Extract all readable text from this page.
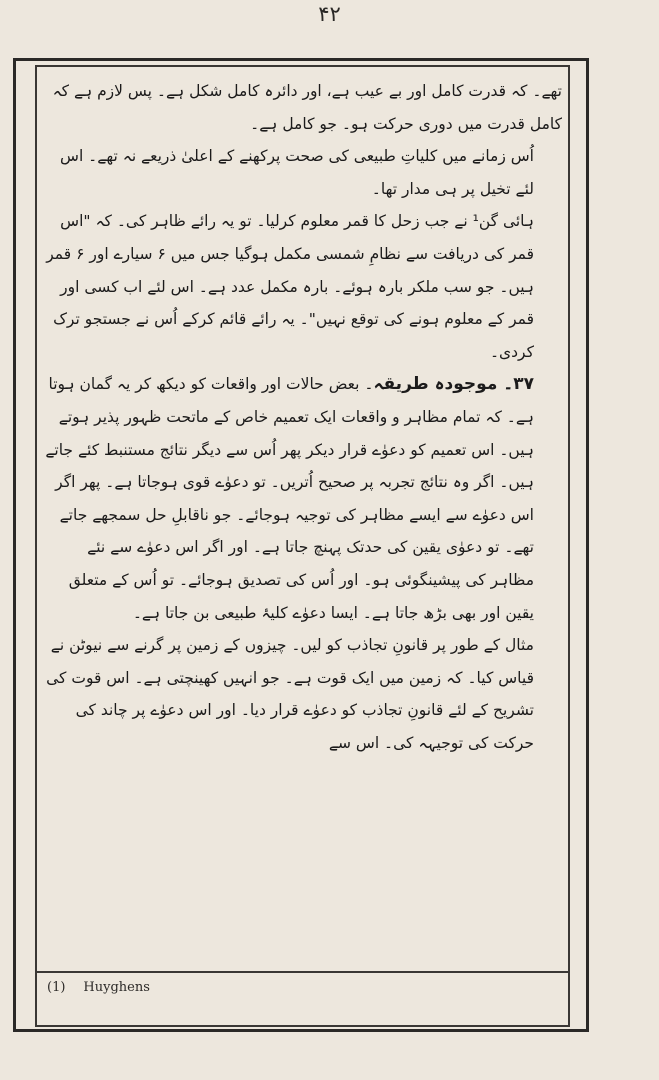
۴۲

تھے۔ کہ قدرت کامل اور بے عیب ہے، اور دائرہ کامل شکل ہے۔ پس لازم ہے کہ کامل قدرت میں دوری حرکت ہو۔ جو کامل ہے۔

اُس زمانے میں کلیاتِ طبیعی کی صحت پرکھنے کے اعلیٰ ذریعے نہ تھے۔ اس لئے تخیل پر ہی مدار تھا۔

ہائی گن¹ نے جب زحل کا قمر معلوم کرلیا۔ تو یہ رائے ظاہر کی۔ کہ "اس قمر کی دریافت سے نظامِ شمسی مکمل ہوگیا جس میں ۶ سیارے اور ۶ قمر ہیں۔ جو سب ملکر بارہ ہوئے۔ بارہ مکمل عدد ہے۔ اس لئے اب کسی اور قمر کے معلوم ہونے کی توقع نہیں"۔ یہ رائے قائم کرکے اُس نے جستجو ترک کردی۔

۳۷۔ موجودہ طریقہ۔ بعض حالات اور واقعات کو دیکھ کر یہ گمان ہوتا ہے۔ کہ تمام مظاہر و واقعات ایک تعمیم خاص کے ماتحت ظہور پذیر ہوتے ہیں۔ اس تعمیم کو دعوٰے قرار دیکر پھر اُس سے دیگر نتائج مستنبط کئے جاتے ہیں۔ اگر وہ نتائج تجربہ پر صحیح اُتریں۔ تو دعوٰے قوی ہوجاتا ہے۔ پھر اگر اس دعوٰے سے ایسے مظاہر کی توجیہ ہوجائے۔ جو ناقابلِ حل سمجھے جاتے تھے۔ تو دعوٰی یقین کی حدتک پہنچ جاتا ہے۔ اور اگر اس دعوٰے سے نئے مظاہر کی پیشینگوئی ہو۔ اور اُس کی تصدیق ہوجائے۔ تو اُس کے متعلق یقین اور بھی بڑھ جاتا ہے۔ ایسا دعوٰے کلیۂ طبیعی بن جاتا ہے۔

مثال کے طور پر قانونِ تجاذب کو لیں۔ چیزوں کے زمین پر گرنے سے نیوٹن نے قیاس کیا۔ کہ زمین میں ایک قوت ہے۔ جو انہیں کھینچتی ہے۔ اس قوت کی تشریح کے لئے قانونِ تجاذب کو دعوٰے قرار دیا۔ اور اس دعوٰے پر چاند کی حرکت کی توجیہہ کی۔ اس سے

(1) Huyghens
